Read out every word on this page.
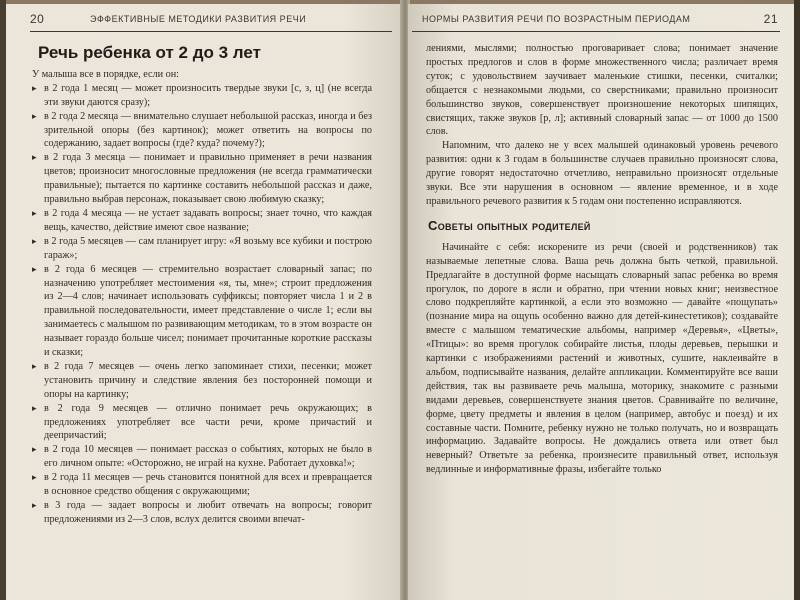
20	ЭФФЕКТИВНЫЕ МЕТОДИКИ РАЗВИТИЯ РЕЧИ
Речь ребенка от 2 до 3 лет

У малыша все в порядке, если он:

▸ в 2 года 1 месяц — может произносить твердые звуки [с, з, ц] (не всегда эти звуки даются сразу);
▸ в 2 года 2 месяца — внимательно слушает небольшой рассказ, иногда и без зрительной опоры (без картинок); может ответить на вопросы по содержанию, задает вопросы (где? куда? почему?);
▸ в 2 года 3 месяца — понимает и правильно применяет в речи названия цветов; произносит многословные предложения (не всегда грамматически правильные); пытается по картинке составить небольшой рассказ и даже, правильно выбрав персонаж, показывает свою любимую сказку;
▸ в 2 года 4 месяца — не устает задавать вопросы; знает точно, что каждая вещь, качество, действие имеют свое название;
▸ в 2 года 5 месяцев — сам планирует игру: «Я возьму все кубики и построю гараж»;
▸ в 2 года 6 месяцев — стремительно возрастает словарный запас; по назначению употребляет местоимения «я, ты, мне»; строит предложения из 2—4 слов; начинает использовать суффиксы; повторяет числа 1 и 2 в правильной последовательности, имеет представление о числе 1; если вы занимаетесь с малышом по развивающим методикам, то в этом возрасте он называет гораздо больше чисел; понимает прочитанные короткие рассказы и сказки;
▸ в 2 года 7 месяцев — очень легко запоминает стихи, песенки; может установить причину и следствие явления без посторонней помощи и опоры на картинку;
▸ в 2 года 9 месяцев — отлично понимает речь окружающих; в предложениях употребляет все части речи, кроме причастий и деепричастий;
▸ в 2 года 10 месяцев — понимает рассказ о событиях, которых не было в его личном опыте: «Осторожно, не играй на кухне. Работает духовка!»;
▸ в 2 года 11 месяцев — речь становится понятной для всех и превращается в основное средство общения с окружающими;
▸ в 3 года — задает вопросы и любит отвечать на вопросы; говорит предложениями из 2—3 слов, вслух делится своими впечат-
НОРМЫ РАЗВИТИЯ РЕЧИ ПО ВОЗРАСТНЫМ ПЕРИОДАМ	21

лениями, мыслями; полностью проговаривает слова; понимает значение простых предлогов и слов в форме множественного числа; различает время суток; с удовольствием заучивает маленькие стишки, песенки, считалки; общается с незнакомыми людьми, со сверстниками; правильно произносит большинство звуков, совершенствует произношение некоторых шипящих, свистящих, также звуков [р, л]; активный словарный запас — от 1000 до 1500 слов.

Напомним, что далеко не у всех малышей одинаковый уровень речевого развития: одни к 3 годам в большинстве случаев правильно произносят слова, другие говорят недостаточно отчетливо, неправильно произносят отдельные звуки. Все эти нарушения в основном — явление временное, и в ходе правильного речевого развития к 5 годам они постепенно исправляются.

Советы опытных родителей

Начинайте с себя: искорените из речи (своей и родственников) так называемые лепетные слова. Ваша речь должна быть четкой, правильной. Предлагайте в доступной форме насыщать словарный запас ребенка во время прогулок, по дороге в ясли и обратно, при чтении новых книг; неизвестное слово подкрепляйте картинкой, а если это возможно — давайте «пощупать» (познание мира на ощупь особенно важно для детей-кинестетиков); создавайте вместе с малышом тематические альбомы, например «Деревья», «Цветы», «Птицы»: во время прогулок собирайте листья, плоды деревьев, перышки и картинки с изображениями растений и животных, сушите, наклеивайте в альбом, подписывайте названия, делайте аппликации. Комментируйте все ваши действия, так вы развиваете речь малыша, моторику, знакомите с разными видами деревьев, совершенствуете знания цветов. Сравнивайте по величине, форме, цвету предметы и явления в целом (например, автобус и поезд) и их составные части. Помните, ребенку нужно не только получать, но и возвращать информацию. Задавайте вопросы. Не дождались ответа или ответ был неверный? Ответьте за ребенка, произнесите правильный ответ, используя ведлинные и информативные фразы, избегайте только
